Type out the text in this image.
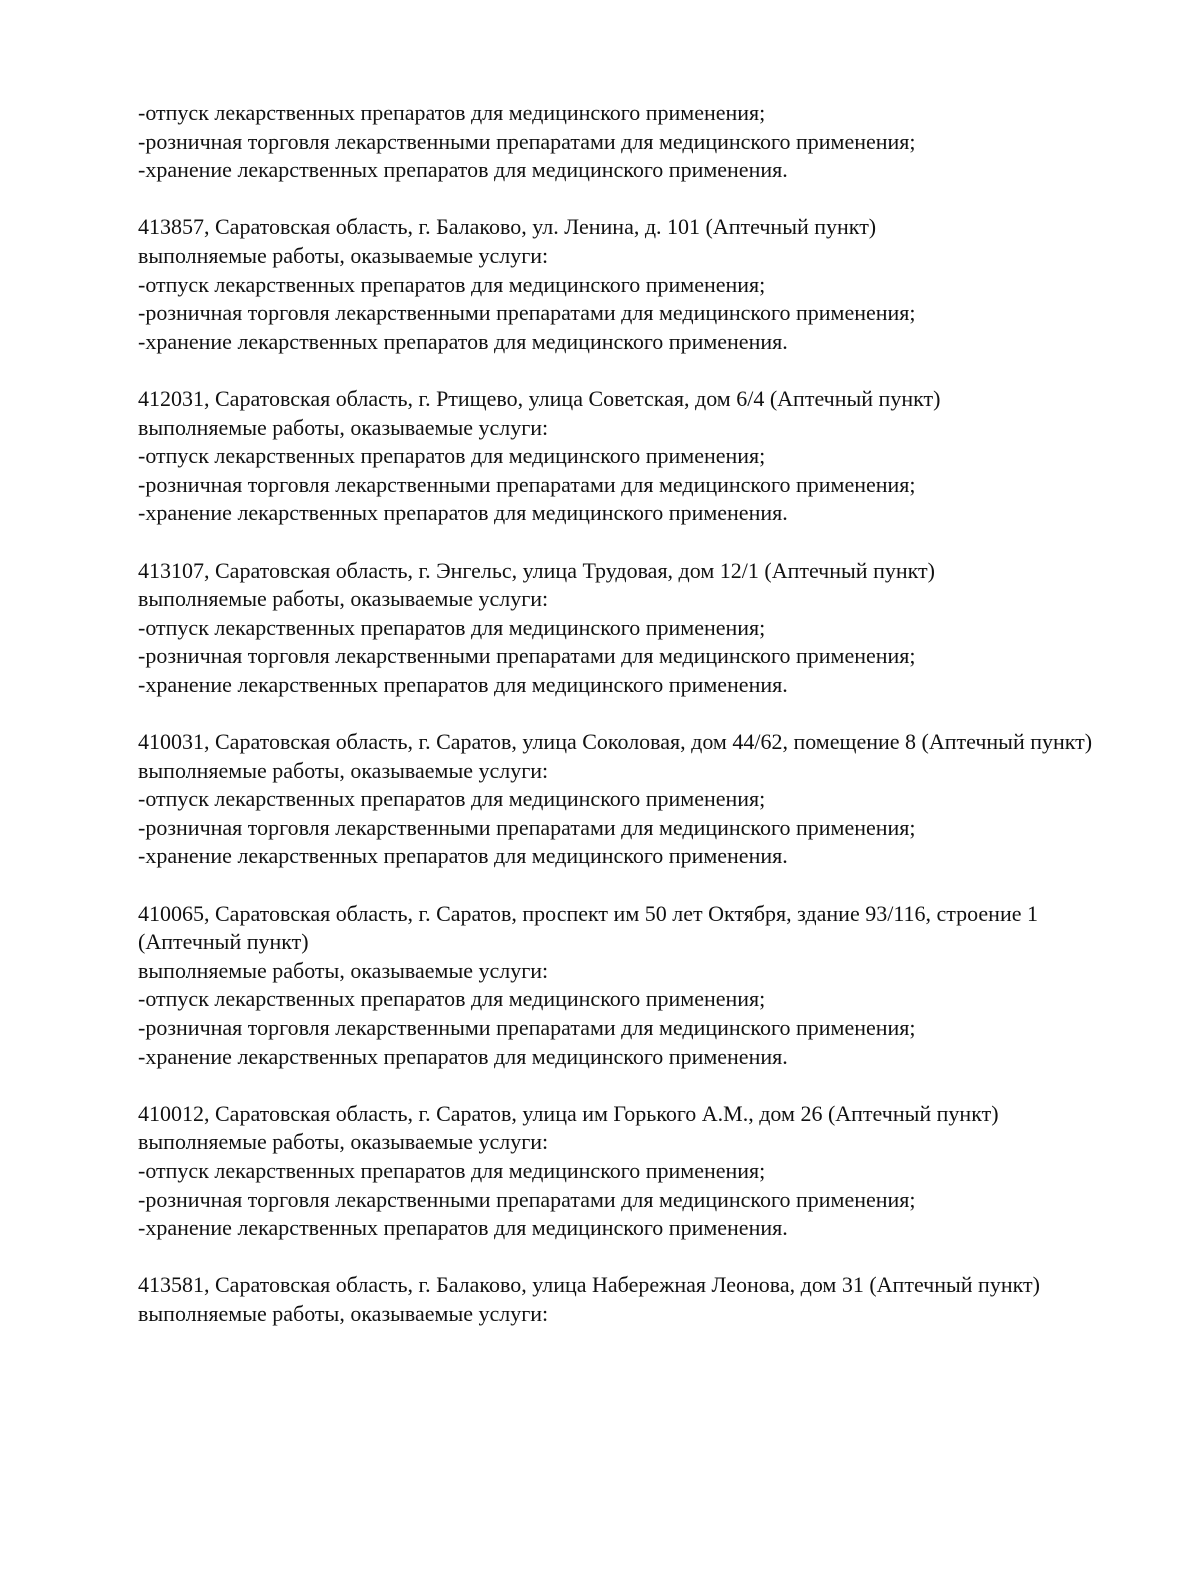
-отпуск лекарственных препаратов для медицинского применения;
-розничная торговля лекарственными препаратами для медицинского применения;
-хранение лекарственных препаратов для медицинского применения.
413857, Саратовская область, г. Балаково, ул. Ленина, д. 101 (Аптечный пункт)
выполняемые работы, оказываемые услуги:
-отпуск лекарственных препаратов для медицинского применения;
-розничная торговля лекарственными препаратами для медицинского применения;
-хранение лекарственных препаратов для медицинского применения.
412031, Саратовская область, г. Ртищево, улица Советская, дом 6/4 (Аптечный пункт)
выполняемые работы, оказываемые услуги:
-отпуск лекарственных препаратов для медицинского применения;
-розничная торговля лекарственными препаратами для медицинского применения;
-хранение лекарственных препаратов для медицинского применения.
413107, Саратовская область, г. Энгельс, улица Трудовая, дом 12/1 (Аптечный пункт)
выполняемые работы, оказываемые услуги:
-отпуск лекарственных препаратов для медицинского применения;
-розничная торговля лекарственными препаратами для медицинского применения;
-хранение лекарственных препаратов для медицинского применения.
410031, Саратовская область, г. Саратов, улица Соколовая, дом 44/62, помещение 8 (Аптечный пункт)
выполняемые работы, оказываемые услуги:
-отпуск лекарственных препаратов для медицинского применения;
-розничная торговля лекарственными препаратами для медицинского применения;
-хранение лекарственных препаратов для медицинского применения.
410065, Саратовская область, г. Саратов, проспект им 50 лет Октября, здание 93/116, строение 1 (Аптечный пункт)
выполняемые работы, оказываемые услуги:
-отпуск лекарственных препаратов для медицинского применения;
-розничная торговля лекарственными препаратами для медицинского применения;
-хранение лекарственных препаратов для медицинского применения.
410012, Саратовская область, г. Саратов, улица им Горького А.М., дом 26 (Аптечный пункт)
выполняемые работы, оказываемые услуги:
-отпуск лекарственных препаратов для медицинского применения;
-розничная торговля лекарственными препаратами для медицинского применения;
-хранение лекарственных препаратов для медицинского применения.
413581, Саратовская область, г. Балаково, улица Набережная Леонова, дом 31 (Аптечный пункт)
выполняемые работы, оказываемые услуги:
